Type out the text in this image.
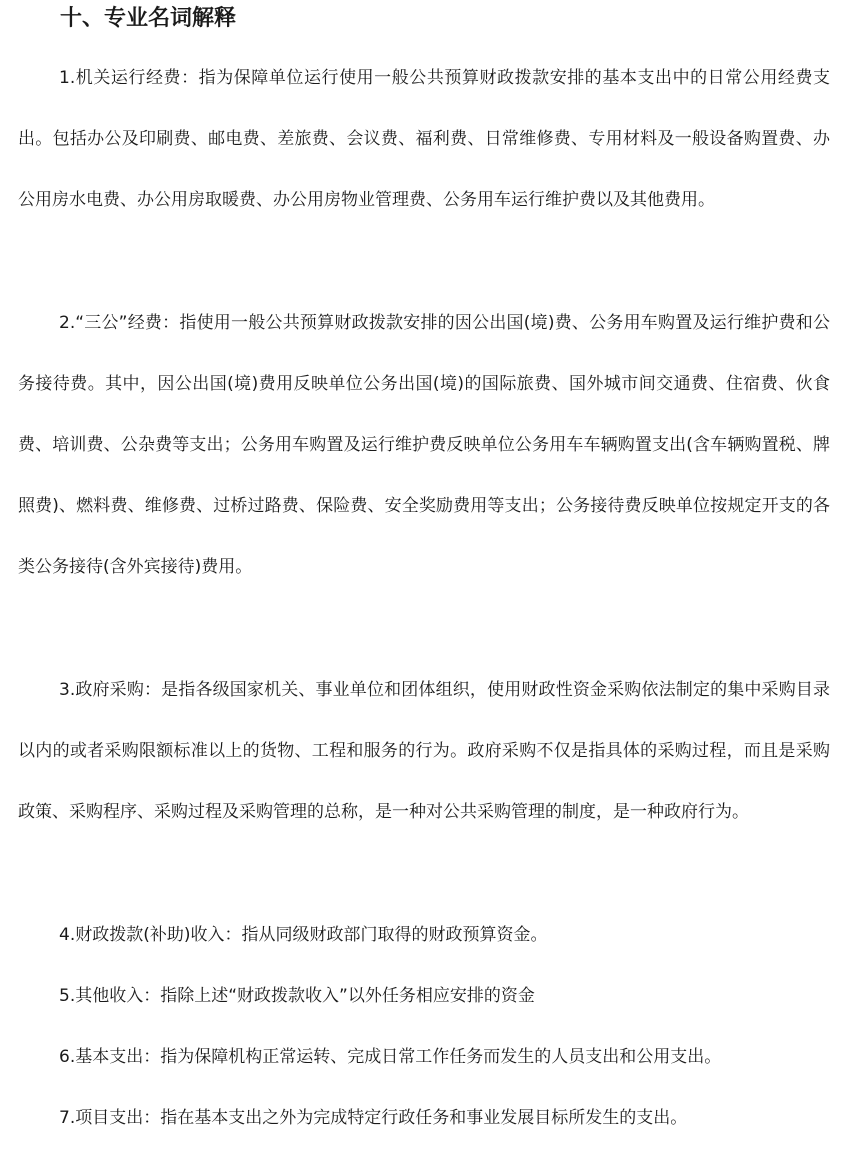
十、专业名词解释

1.机关运行经费：指为保障单位运行使用一般公共预算财政拨款安排的基本支出中的日常公用经费支出。包括办公及印刷费、邮电费、差旅费、会议费、福利费、日常维修费、专用材料及一般设备购置费、办公用房水电费、办公用房取暖费、办公用房物业管理费、公务用车运行维护费以及其他费用。

2.“三公”经费：指使用一般公共预算财政拨款安排的因公出国(境)费、公务用车购置及运行维护费和公务接待费。其中，因公出国(境)费用反映单位公务出国(境)的国际旅费、国外城市间交通费、住宿费、伙食费、培训费、公杂费等支出；公务用车购置及运行维护费反映单位公务用车车辆购置支出(含车辆购置税、牌照费)、燃料费、维修费、过桥过路费、保险费、安全奖励费用等支出；公务接待费反映单位按规定开支的各类公务接待(含外宾接待)费用。

3.政府采购：是指各级国家机关、事业单位和团体组织，使用财政性资金采购依法制定的集中采购目录以内的或者采购限额标准以上的货物、工程和服务的行为。政府采购不仅是指具体的采购过程，而且是采购政策、采购程序、采购过程及采购管理的总称，是一种对公共采购管理的制度，是一种政府行为。

4.财政拨款(补助)收入：指从同级财政部门取得的财政预算资金。

5.其他收入：指除上述“财政拨款收入”以外任务相应安排的资金

6.基本支出：指为保障机构正常运转、完成日常工作任务而发生的人员支出和公用支出。

7.项目支出：指在基本支出之外为完成特定行政任务和事业发展目标所发生的支出。
